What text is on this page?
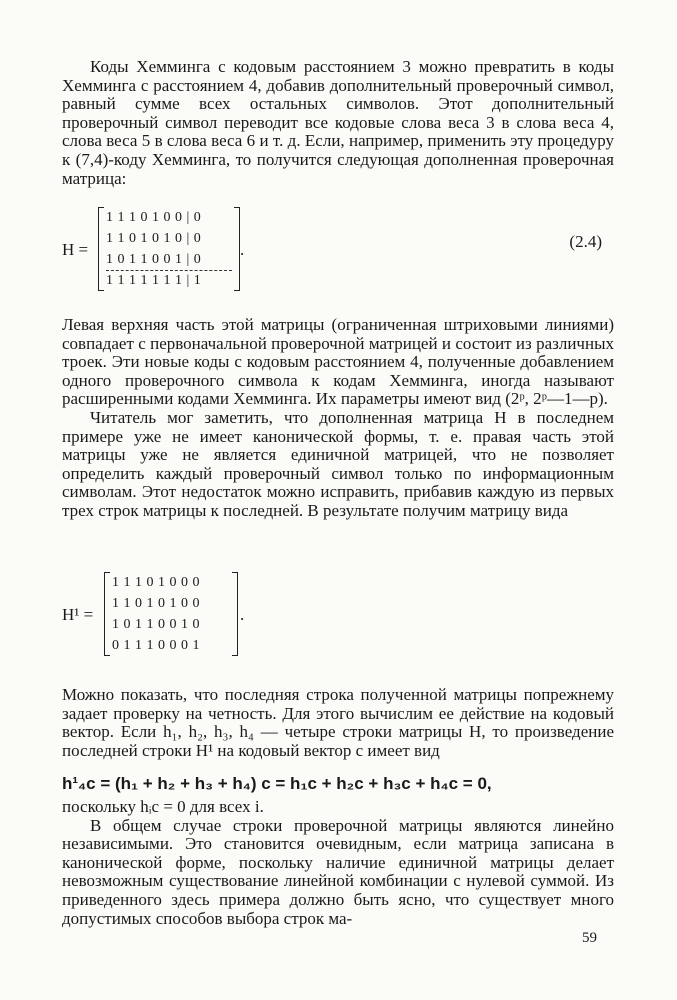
Коды Хемминга с кодовым расстоянием 3 можно превратить в коды Хемминга с расстоянием 4, добавив дополнительный проверочный символ, равный сумме всех остальных символов. Этот дополнительный проверочный символ переводит все кодовые слова веса 3 в слова веса 4, слова веса 5 в слова веса 6 и т. д. Если, например, применить эту процедуру к (7,4)-коду Хемминга, то получится следующая дополненная проверочная матрица:

H =
1 1 1 0 1 0 0 | 0
1 1 0 1 0 1 0 | 0
1 0 1 1 0 0 1 | 0
1 1 1 1 1 1 1 | 1
.	(2.4)

Левая верхняя часть этой матрицы (ограниченная штриховыми линиями) совпадает с первоначальной проверочной матрицей и состоит из различных троек. Эти новые коды с кодовым расстоянием 4, полученные добавлением одного проверочного символа к кодам Хемминга, иногда называют расширенными кодами Хемминга. Их параметры имеют вид (2ᵖ, 2ᵖ—1—p).

Читатель мог заметить, что дополненная матрица H в последнем примере уже не имеет канонической формы, т. е. правая часть этой матрицы уже не является единичной матрицей, что не позволяет определить каждый проверочный символ только по информационным символам. Этот недостаток можно исправить, прибавив каждую из первых трех строк матрицы к последней. В результате получим матрицу вида

H¹ =
1 1 1 0 1 0 0 0
1 1 0 1 0 1 0 0
1 0 1 1 0 0 1 0
0 1 1 1 0 0 0 1
.

Можно показать, что последняя строка полученной матрицы попрежнему задает проверку на четность. Для этого вычислим ее действие на кодовый вектор. Если h₁, h₂, h₃, h₄ — четыре строки матрицы H, то произведение последней строки H¹ на кодовый вектор c имеет вид

h¹₄c = (h₁ + h₂ + h₃ + h₄) c = h₁c + h₂c + h₃c + h₄c = 0,

поскольку hᵢc = 0 для всех i.

В общем случае строки проверочной матрицы являются линейно независимыми. Это становится очевидным, если матрица записана в канонической форме, поскольку наличие единичной матрицы делает невозможным существование линейной комбинации с нулевой суммой. Из приведенного здесь примера должно быть ясно, что существует много допустимых способов выбора строк ма-

59
